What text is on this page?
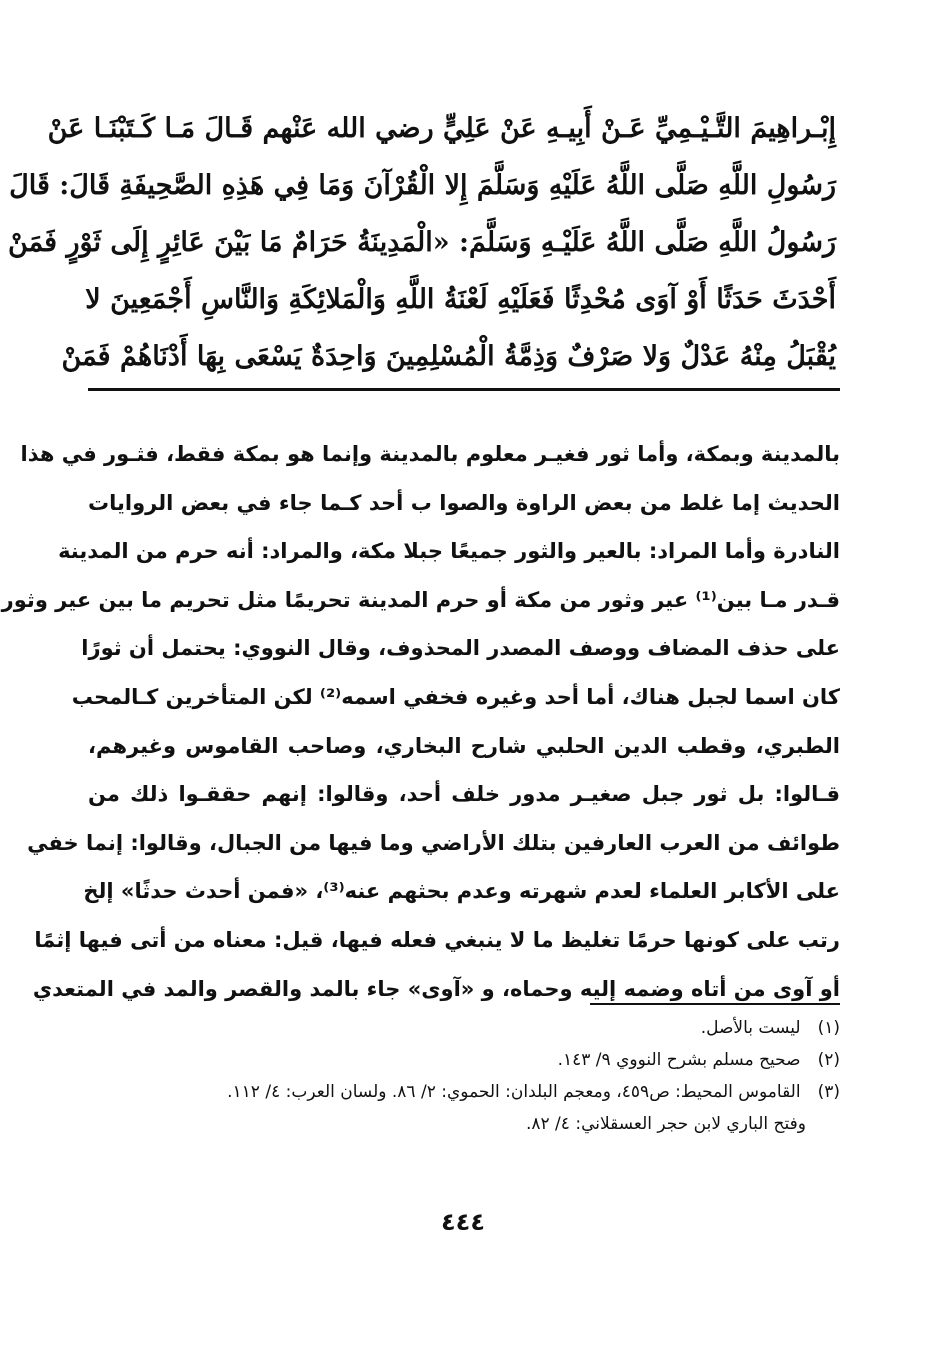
إِبْـراهِيمَ التَّـيْـمِيِّ عَـنْ أَبِيـهِ عَنْ عَلِيٍّ رضي الله عَنْهم قَـالَ مَـا كَـتَبْنَـا عَنْ
رَسُولِ اللَّهِ صَلَّى اللَّهُ عَلَيْهِ وَسَلَّمَ إِلا الْقُرْآنَ وَمَا فِي هَذِهِ الصَّحِيفَةِ قَالَ: قَالَ
رَسُولُ اللَّهِ صَلَّى اللَّهُ عَلَيْـهِ وَسَلَّمَ: «الْمَدِينَةُ حَرَامٌ مَا بَيْنَ عَائِرٍ إِلَى ثَوْرٍ فَمَنْ
أَحْدَثَ حَدَثًا أَوْ آوَى مُحْدِثًا فَعَلَيْهِ لَعْنَةُ اللَّهِ وَالْمَلائِكَةِ وَالنَّاسِ أَجْمَعِينَ لا
يُقْبَلُ مِنْهُ عَدْلٌ وَلا صَرْفٌ وَذِمَّةُ الْمُسْلِمِينَ وَاحِدَةٌ يَسْعَى بِهَا أَدْنَاهُمْ فَمَنْ
بالمدينة وبمكة، وأما ثور فغيـر معلوم بالمدينة وإنما هو بمكة فقط، فثـور في هذا
الحديث إما غلط من بعض الراوة والصوا ب أحد كـما جاء في بعض الروايات
النادرة وأما المراد: بالعير والثور جميعًا جبلا مكة، والمراد: أنه حرم من المدينة
قـدر مـا بين⁽¹⁾ عير وثور من مكة أو حرم المدينة تحريمًا مثل تحريم ما بين عير وثور
على حذف المضاف ووصف المصدر المحذوف، وقال النووي: يحتمل أن ثورًا
كان اسما لجبل هناك، أما أحد وغيره فخفي اسمه⁽²⁾ لكن المتأخرين كـالمحب
الطبري، وقطب الدين الحلبي شارح البخاري، وصاحب القاموس وغيرهم،
قـالوا: بل ثور جبل صغيـر مدور خلف أحد، وقالوا: إنهم حققـوا ذلك من
طوائف من العرب العارفين بتلك الأراضي وما فيها من الجبال، وقالوا: إنما خفي
على الأكابر العلماء لعدم شهرته وعدم بحثهم عنه⁽³⁾، «فمن أحدث حدثًا» إلخ
رتب على كونها حرمًا تغليظ ما لا ينبغي فعله فيها، قيل: معناه من أتى فيها إثمًا
أو آوى من أتاه وضمه إليه وحماه، و «آوى» جاء بالمد والقصر والمد في المتعدي
(١) ليست بالأصل.
(٢) صحيح مسلم بشرح النووي ٩/ ١٤٣.
(٣) القاموس المحيط: ص٤٥٩، ومعجم البلدان: الحموي: ٢/ ٨٦. ولسان العرب: ٤/ ١١٢.
وفتح الباري لابن حجر العسقلاني: ٤/ ٨٢.
٤٤٤
